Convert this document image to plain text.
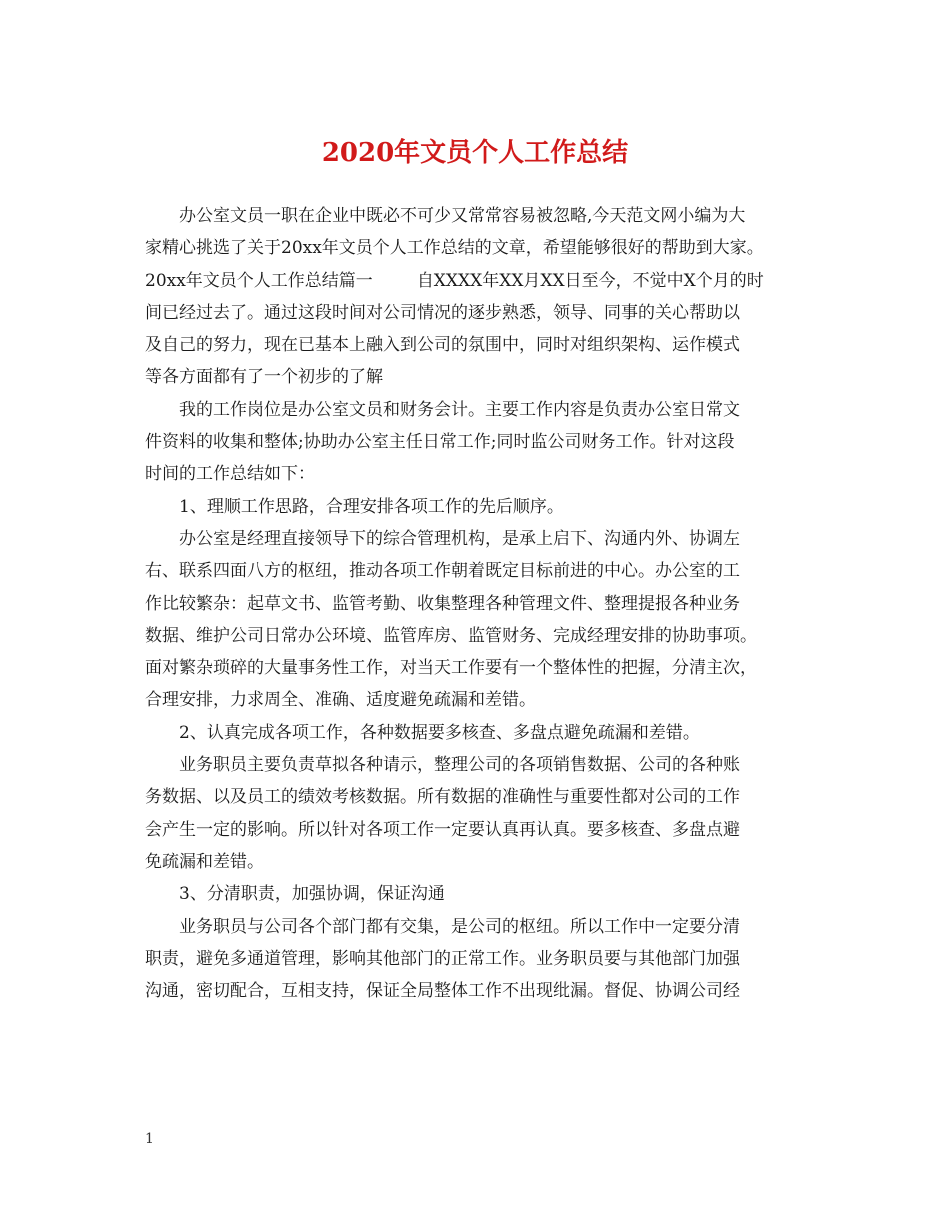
2020年文员个人工作总结
办公室文员一职在企业中既必不可少又常常容易被忽略,今天范文网小编为大
家精心挑选了关于20xx年文员个人工作总结的文章，希望能够很好的帮助到大家。
20xx年文员个人工作总结篇一	自XXXX年XX月XX日至今，不觉中X个月的时
间已经过去了。通过这段时间对公司情况的逐步熟悉，领导、同事的关心帮助以
及自己的努力，现在已基本上融入到公司的氛围中，同时对组织架构、运作模式
等各方面都有了一个初步的了解
我的工作岗位是办公室文员和财务会计。主要工作内容是负责办公室日常文
件资料的收集和整体;协助办公室主任日常工作;同时监公司财务工作。针对这段
时间的工作总结如下：
1、理顺工作思路，合理安排各项工作的先后顺序。
办公室是经理直接领导下的综合管理机构，是承上启下、沟通内外、协调左
右、联系四面八方的枢纽，推动各项工作朝着既定目标前进的中心。办公室的工
作比较繁杂：起草文书、监管考勤、收集整理各种管理文件、整理提报各种业务
数据、维护公司日常办公环境、监管库房、监管财务、完成经理安排的协助事项。
面对繁杂琐碎的大量事务性工作，对当天工作要有一个整体性的把握，分清主次，
合理安排，力求周全、准确、适度避免疏漏和差错。
2、认真完成各项工作，各种数据要多核查、多盘点避免疏漏和差错。
业务职员主要负责草拟各种请示，整理公司的各项销售数据、公司的各种账
务数据、以及员工的绩效考核数据。所有数据的准确性与重要性都对公司的工作
会产生一定的影响。所以针对各项工作一定要认真再认真。要多核查、多盘点避
免疏漏和差错。
3、分清职责，加强协调，保证沟通
业务职员与公司各个部门都有交集，是公司的枢纽。所以工作中一定要分清
职责，避免多通道管理，影响其他部门的正常工作。业务职员要与其他部门加强
沟通，密切配合，互相支持，保证全局整体工作不出现纰漏。督促、协调公司经
1
